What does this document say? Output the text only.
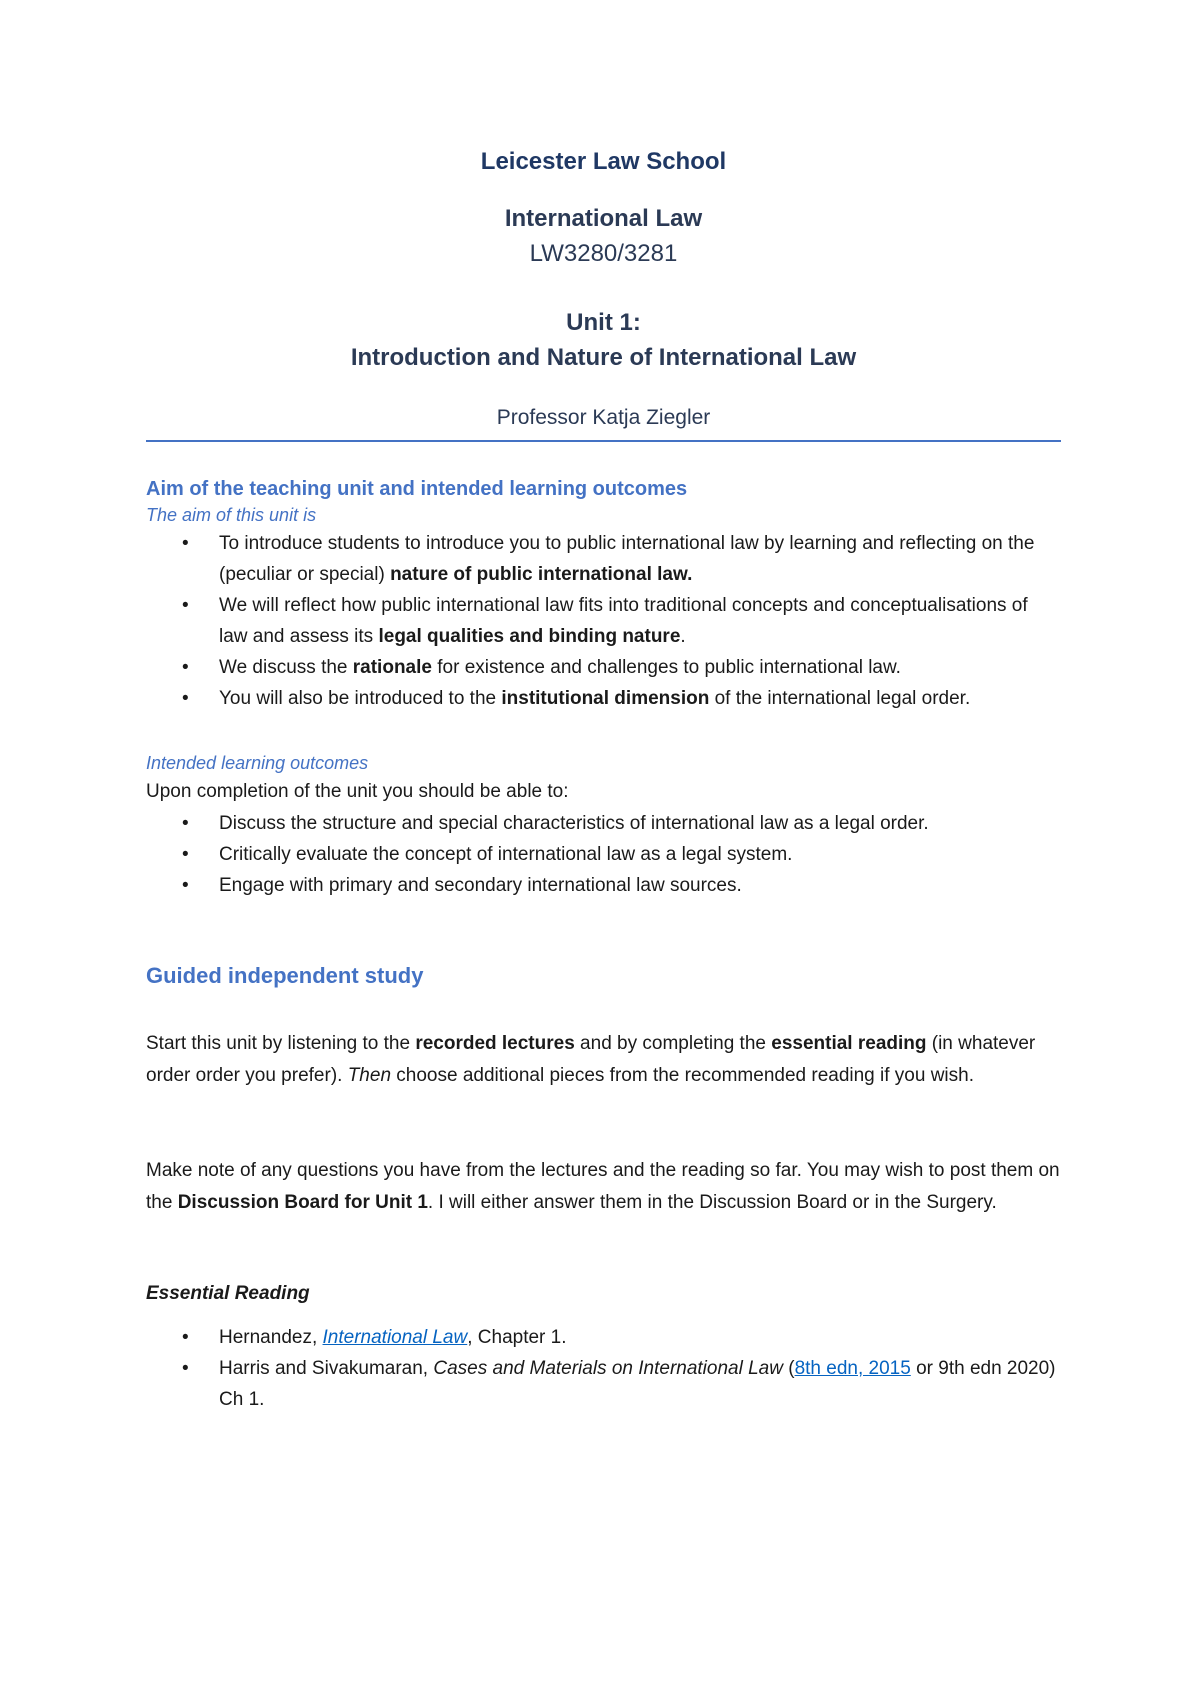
Leicester Law School

International Law

LW3280/3281

Unit 1:

Introduction and Nature of International Law

Professor Katja Ziegler

Aim of the teaching unit and intended learning outcomes

The aim of this unit is

• To introduce students to introduce you to public international law by learning and reflecting on the (peculiar or special) nature of public international law.
• We will reflect how public international law fits into traditional concepts and conceptualisations of law and assess its legal qualities and binding nature.
• We discuss the rationale for existence and challenges to public international law.
• You will also be introduced to the institutional dimension of the international legal order.

Intended learning outcomes

Upon completion of the unit you should be able to:

• Discuss the structure and special characteristics of international law as a legal order.
• Critically evaluate the concept of international law as a legal system.
• Engage with primary and secondary international law sources.

Guided independent study

Start this unit by listening to the recorded lectures and by completing the essential reading (in whatever order order you prefer). Then choose additional pieces from the recommended reading if you wish.

Make note of any questions you have from the lectures and the reading so far. You may wish to post them on the Discussion Board for Unit 1. I will either answer them in the Discussion Board or in the Surgery.

Essential Reading

• Hernandez, International Law, Chapter 1.
• Harris and Sivakumaran, Cases and Materials on International Law (8th edn, 2015 or 9th edn 2020) Ch 1.
